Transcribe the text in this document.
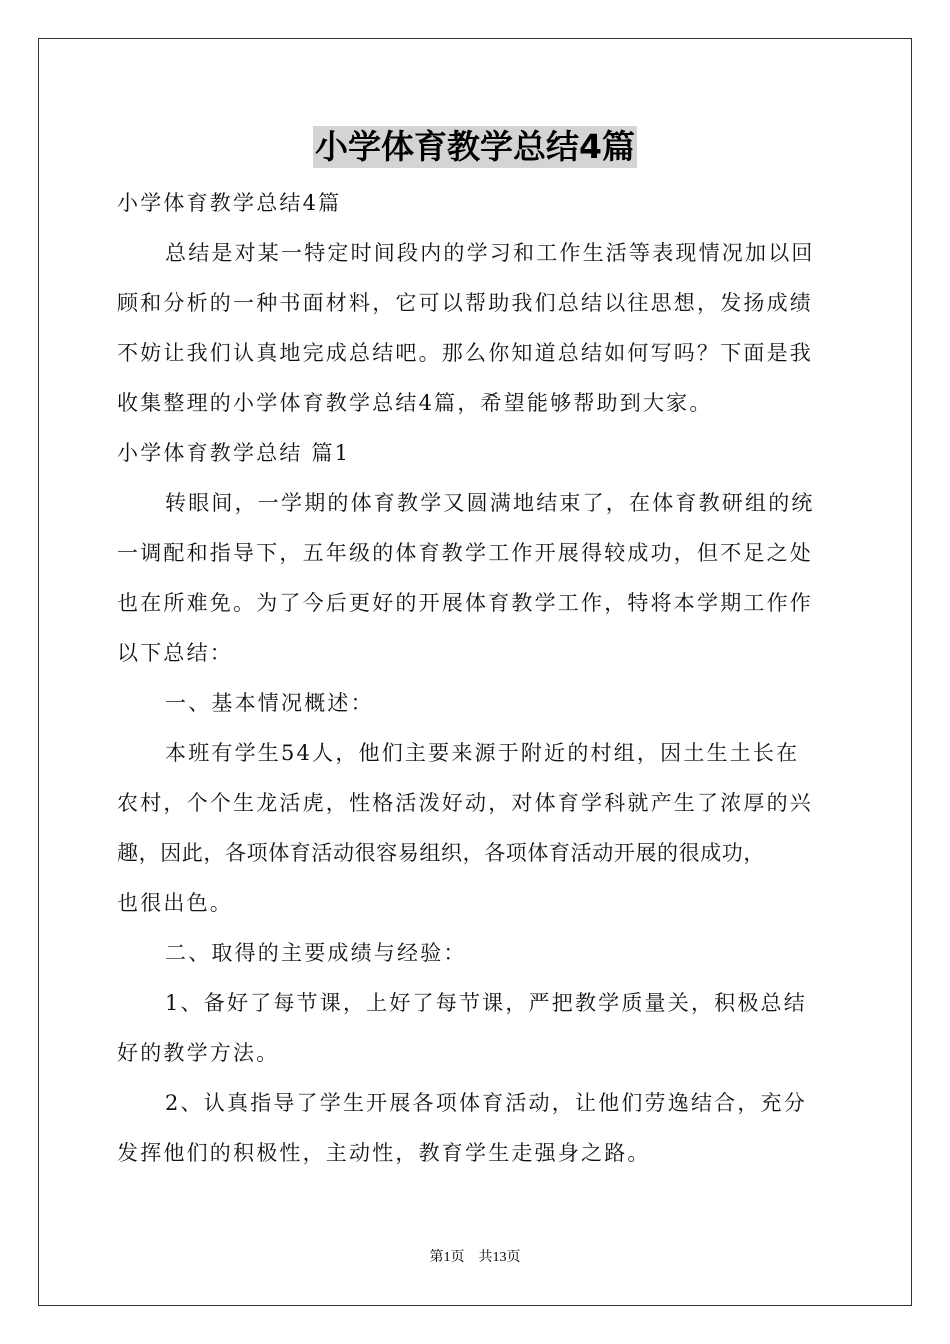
小学体育教学总结4篇
小学体育教学总结4篇
总结是对某一特定时间段内的学习和工作生活等表现情况加以回
顾和分析的一种书面材料，它可以帮助我们总结以往思想，发扬成绩
不妨让我们认真地完成总结吧。那么你知道总结如何写吗？下面是我
收集整理的小学体育教学总结4篇，希望能够帮助到大家。
小学体育教学总结 篇1
转眼间，一学期的体育教学又圆满地结束了，在体育教研组的统
一调配和指导下，五年级的体育教学工作开展得较成功，但不足之处
也在所难免。为了今后更好的开展体育教学工作，特将本学期工作作
以下总结：
一、基本情况概述：
本班有学生54人，他们主要来源于附近的村组，因土生土长在
农村，个个生龙活虎，性格活泼好动，对体育学科就产生了浓厚的兴
趣，因此，各项体育活动很容易组织，各项体育活动开展的很成功，
也很出色。
二、取得的主要成绩与经验：
1、备好了每节课，上好了每节课，严把教学质量关，积极总结
好的教学方法。
2、认真指导了学生开展各项体育活动，让他们劳逸结合，充分
发挥他们的积极性，主动性，教育学生走强身之路。
第1页 共13页
